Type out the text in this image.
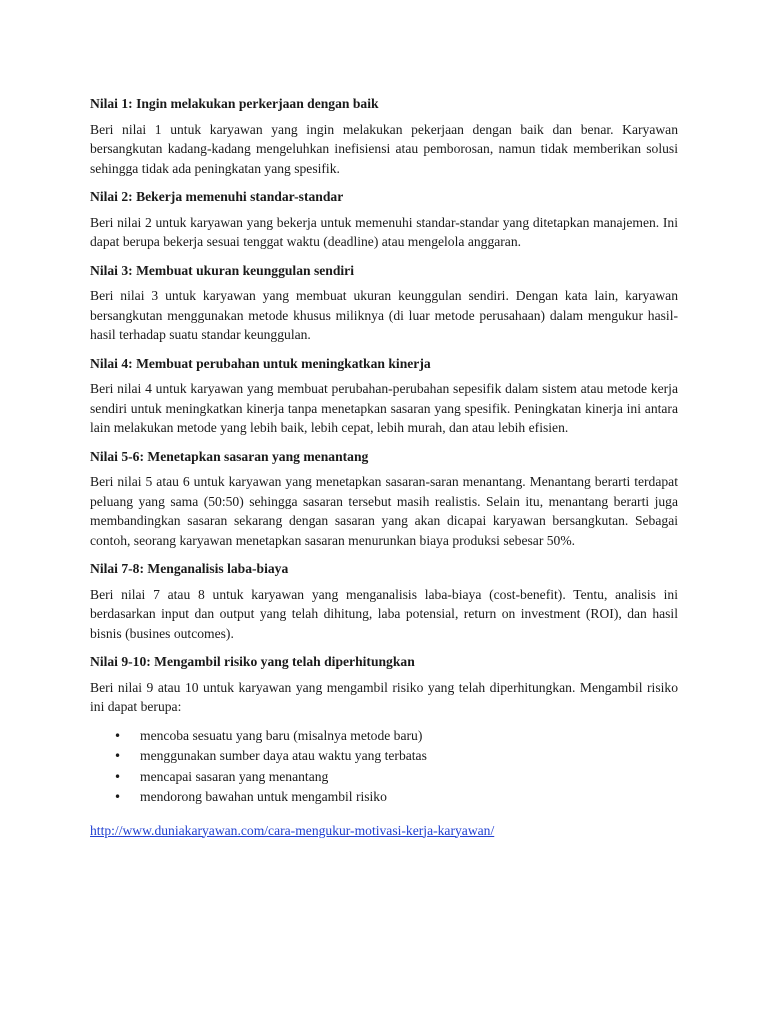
Nilai 1: Ingin melakukan perkerjaan dengan baik
Beri nilai 1 untuk karyawan yang ingin melakukan pekerjaan dengan baik dan benar. Karyawan bersangkutan kadang-kadang mengeluhkan inefisiensi atau pemborosan, namun tidak memberikan solusi sehingga tidak ada peningkatan yang spesifik.
Nilai 2: Bekerja memenuhi standar-standar
Beri nilai 2 untuk karyawan yang bekerja untuk memenuhi standar-standar yang ditetapkan manajemen. Ini dapat berupa bekerja sesuai tenggat waktu (deadline) atau mengelola anggaran.
Nilai 3: Membuat ukuran keunggulan sendiri
Beri nilai 3 untuk karyawan yang membuat ukuran keunggulan sendiri. Dengan kata lain, karyawan bersangkutan menggunakan metode khusus miliknya (di luar metode perusahaan) dalam mengukur hasil-hasil terhadap suatu standar keunggulan.
Nilai 4: Membuat perubahan untuk meningkatkan kinerja
Beri nilai 4 untuk karyawan yang membuat perubahan-perubahan sepesifik dalam sistem atau metode kerja sendiri untuk meningkatkan kinerja tanpa menetapkan sasaran yang spesifik. Peningkatan kinerja ini antara lain melakukan metode yang lebih baik, lebih cepat, lebih murah, dan atau lebih efisien.
Nilai 5-6: Menetapkan sasaran yang menantang
Beri nilai 5 atau 6 untuk karyawan yang menetapkan sasaran-saran menantang. Menantang berarti terdapat peluang yang sama (50:50) sehingga sasaran tersebut masih realistis. Selain itu, menantang berarti juga membandingkan sasaran sekarang dengan sasaran yang akan dicapai karyawan bersangkutan. Sebagai contoh, seorang karyawan menetapkan sasaran menurunkan biaya produksi sebesar 50%.
Nilai 7-8: Menganalisis laba-biaya
Beri nilai 7 atau 8 untuk karyawan yang menganalisis laba-biaya (cost-benefit). Tentu, analisis ini berdasarkan input dan output yang telah dihitung, laba potensial, return on investment (ROI), dan hasil bisnis (busines outcomes).
Nilai 9-10: Mengambil risiko yang telah diperhitungkan
Beri nilai 9 atau 10 untuk karyawan yang mengambil risiko yang telah diperhitungkan. Mengambil risiko ini dapat berupa:
• mencoba sesuatu yang baru (misalnya metode baru)
• menggunakan sumber daya atau waktu yang terbatas
• mencapai sasaran yang menantang
• mendorong bawahan untuk mengambil risiko
http://www.duniakaryawan.com/cara-mengukur-motivasi-kerja-karyawan/
